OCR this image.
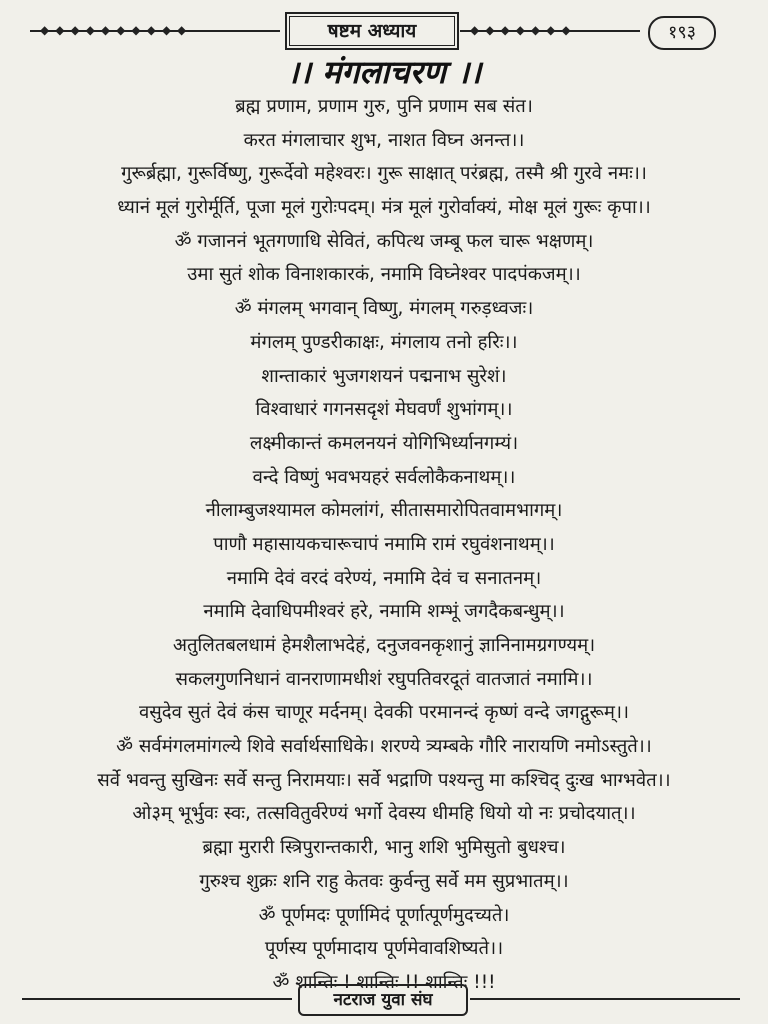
◆◆◆◆◆◆◆◆◆◆	षष्टम अध्याय	◆◆◆◆◆◆◆	१९३
।। मंगलाचरण ।।
ब्रह्म प्रणाम, प्रणाम गुरु, पुनि प्रणाम सब संत।
करत मंगलाचार शुभ, नाशत विघ्न अनन्त।।
गुरूर्ब्रह्मा, गुरूर्विष्णु, गुरूर्देवो महेश्वरः। गुरू साक्षात् परंब्रह्म, तस्मै श्री गुरवे नमः।।
ध्यानं मूलं गुरोर्मूर्ति, पूजा मूलं गुरोःपदम्। मंत्र मूलं गुरोर्वाक्यं, मोक्ष मूलं गुरूः कृपा।।
ॐ गजाननं भूतगणाधि सेवितं, कपित्थ जम्बू फल चारू भक्षणम्।
उमा सुतं शोक विनाशकारकं, नमामि विघ्नेश्वर पादपंकजम्।।
ॐ मंगलम् भगवान् विष्णु, मंगलम् गरुड़ध्वजः।
मंगलम् पुण्डरीकाक्षः, मंगलाय तनो हरिः।।
शान्ताकारं भुजगशयनं पद्मनाभ सुरेशं।
विश्वाधारं गगनसदृशं मेघवर्णं शुभांगम्।।
लक्ष्मीकान्तं कमलनयनं योगिभिर्ध्यानगम्यं।
वन्दे विष्णुं भवभयहरं सर्वलोकैकनाथम्।।
नीलाम्बुजश्यामल कोमलांगं, सीतासमारोपितवामभागम्।
पाणौ महासायकचारूचापं नमामि रामं रघुवंशनाथम्।।
नमामि देवं वरदं वरेण्यं, नमामि देवं च सनातनम्।
नमामि देवाधिपमीश्वरं हरे, नमामि शम्भूं जगदैकबन्धुम्।।
अतुलितबलधामं हेमशैलाभदेहं, दनुजवनकृशानुं ज्ञानिनामग्रगण्यम्।
सकलगुणनिधानं वानराणामधीशं रघुपतिवरदूतं वातजातं नमामि।।
वसुदेव सुतं देवं कंस चाणूर मर्दनम्। देवकी परमानन्दं कृष्णं वन्दे जगद्गुरूम्।।
ॐ सर्वमंगलमांगल्ये शिवे सर्वार्थसाधिके। शरण्ये त्र्यम्बके गौरि नारायणि नमोऽस्तुते।।
सर्वे भवन्तु सुखिनः सर्वे सन्तु निरामयाः। सर्वे भद्राणि पश्यन्तु मा कश्चिद् दुःख भाग्भवेत।।
ओ३म् भूर्भुवः स्वः, तत्सवितुर्वरेण्यं भर्गो देवस्य धीमहि धियो यो नः प्रचोदयात्।।
ब्रह्मा मुरारी स्त्रिपुरान्तकारी, भानु शशि भुमिसुतो बुधश्च।
गुरुश्च शुक्रः शनि राहु केतवः कुर्वन्तु सर्वे मम सुप्रभातम्।।
ॐ पूर्णमदः पूर्णामिदं पूर्णात्पूर्णमुदच्यते।
पूर्णस्य पूर्णमादाय पूर्णमेवावशिष्यते।।
ॐ शान्तिः ! शान्तिः !! शान्तिः !!!
नटराज युवा संघ
